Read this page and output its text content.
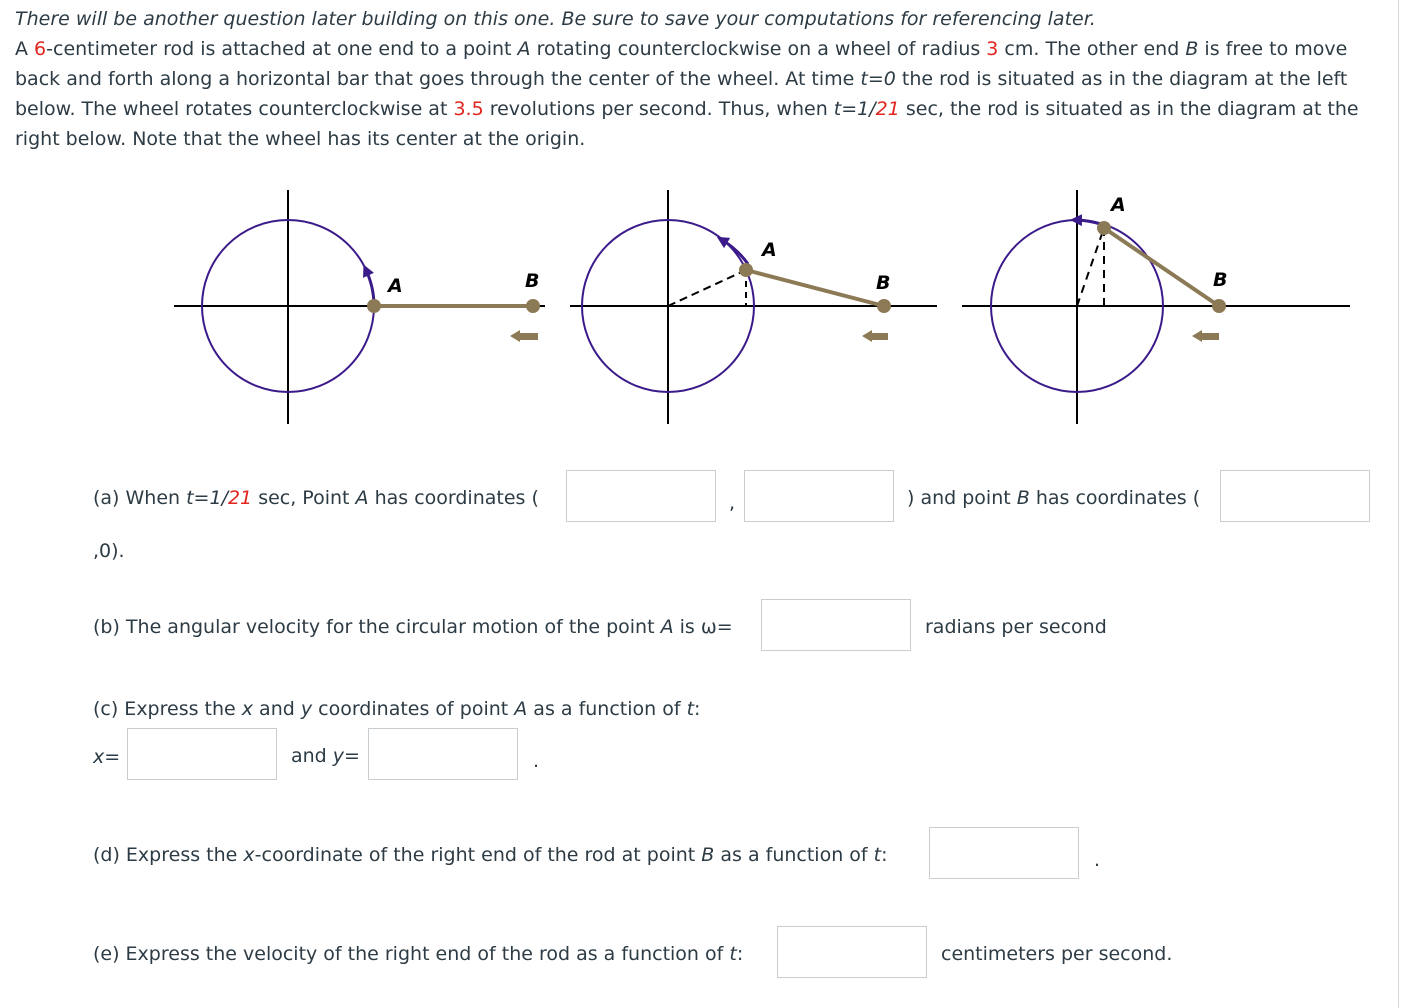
There will be another question later building on this one. Be sure to save your computations for referencing later.
A 6-centimeter rod is attached at one end to a point A rotating counterclockwise on a wheel of radius 3 cm. The other end B is free to move back and forth along a horizontal bar that goes through the center of the wheel. At time t=0 the rod is situated as in the diagram at the left below. The wheel rotates counterclockwise at 3.5 revolutions per second. Thus, when t=1/21 sec, the rod is situated as in the diagram at the right below. Note that the wheel has its center at the origin.
A	B
A
B
A
B
(a) When t=1/21 sec, Point A has coordinates (	,	) and point B has coordinates (
,0).
(b) The angular velocity for the circular motion of the point A is ω=	radians per second
(c) Express the x and y coordinates of point A as a function of t:
x=	and y=	.
(d) Express the x-coordinate of the right end of the rod at point B as a function of t:	.
(e) Express the velocity of the right end of the rod as a function of t:	centimeters per second.
